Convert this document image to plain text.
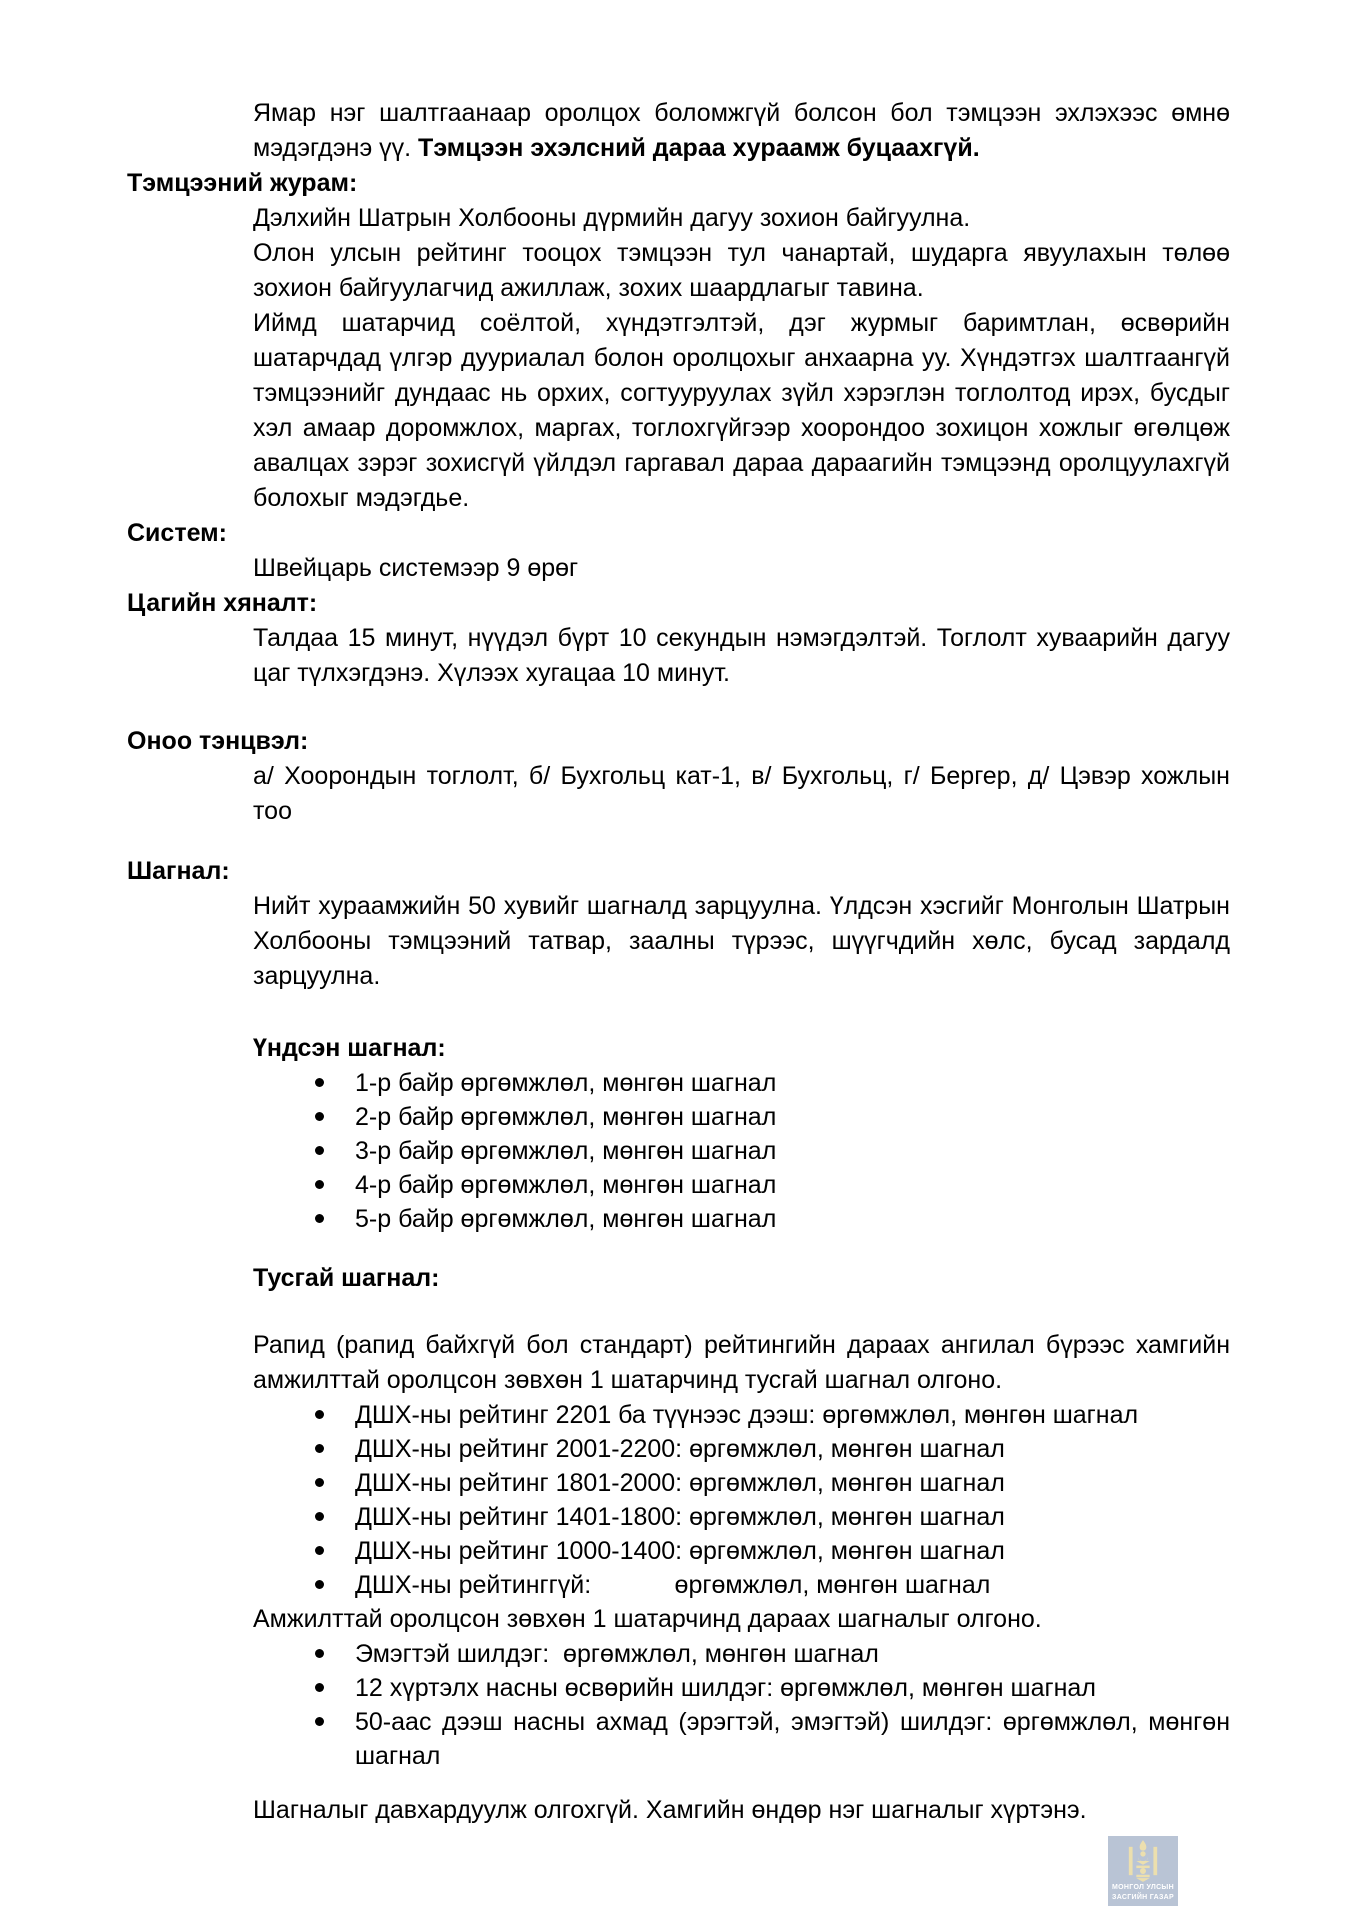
Ямар нэг шалтгаанаар оролцох боломжгүй болсон бол тэмцээн эхлэхээс өмнө мэдэгдэнэ үү. Тэмцээн эхэлсний дараа хураамж буцаахгүй.

Тэмцээний журам:

Дэлхийн Шатрын Холбооны дүрмийн дагуу зохион байгуулна.

Олон улсын рейтинг тооцох тэмцээн тул чанартай, шударга явуулахын төлөө зохион байгуулагчид ажиллаж, зохих шаардлагыг тавина.

Иймд шатарчид соёлтой, хүндэтгэлтэй, дэг журмыг баримтлан, өсвөрийн шатарчдад үлгэр дууриалал болон оролцохыг анхаарна уу. Хүндэтгэх шалтгаангүй тэмцээнийг дундаас нь орхих, согтууруулах зүйл хэрэглэн тоглолтод ирэх, бусдыг хэл амаар доромжлох, маргах, тоглохгүйгээр хоорондоо зохицон хожлыг өгөлцөж авалцах зэрэг зохисгүй үйлдэл гаргавал дараа дараагийн тэмцээнд оролцуулахгүй болохыг мэдэгдье.

Систем:

Швейцарь системээр 9 өрөг

Цагийн хяналт:

Талдаа 15 минут, нүүдэл бүрт 10 секундын нэмэгдэлтэй. Тоглолт хуваарийн дагуу цаг түлхэгдэнэ. Хүлээх хугацаа 10 минут.

Оноо тэнцвэл:

а/ Хоорондын тоглолт, б/ Бухгольц кат-1, в/ Бухгольц, г/ Бергер, д/ Цэвэр хожлын тоо

Шагнал:

Нийт хураамжийн 50 хувийг шагналд зарцуулна. Үлдсэн хэсгийг Монголын Шатрын Холбооны тэмцээний татвар, заалны түрээс, шүүгчдийн хөлс, бусад зардалд зарцуулна.

Үндсэн шагнал:
1-р байр өргөмжлөл, мөнгөн шагнал
2-р байр өргөмжлөл, мөнгөн шагнал
3-р байр өргөмжлөл, мөнгөн шагнал
4-р байр өргөмжлөл, мөнгөн шагнал
5-р байр өргөмжлөл, мөнгөн шагнал
Тусгай шагнал:

Рапид (рапид байхгүй бол стандарт) рейтингийн дараах ангилал бүрээс хамгийн амжилттай оролцсон зөвхөн 1 шатарчинд тусгай шагнал олгоно.

ДШХ-ны рейтинг 2201 ба түүнээс дээш: өргөмжлөл, мөнгөн шагнал
ДШХ-ны рейтинг 2001-2200: өргөмжлөл, мөнгөн шагнал
ДШХ-ны рейтинг 1801-2000: өргөмжлөл, мөнгөн шагнал
ДШХ-ны рейтинг 1401-1800: өргөмжлөл, мөнгөн шагнал
ДШХ-ны рейтинг 1000-1400: өргөмжлөл, мөнгөн шагнал
ДШХ-ны рейтинггүй:            өргөмжлөл, мөнгөн шагнал

Амжилттай оролцсон зөвхөн 1 шатарчинд дараах шагналыг олгоно.

Эмэгтэй шилдэг:  өргөмжлөл, мөнгөн шагнал
12 хүртэлх насны өсвөрийн шилдэг: өргөмжлөл, мөнгөн шагнал
50-аас дээш насны ахмад (эрэгтэй, эмэгтэй) шилдэг: өргөмжлөл, мөнгөн шагнал

Шагналыг давхардуулж олгохгүй. Хамгийн өндөр нэг шагналыг хүртэнэ.

МОНГОЛ УЛСЫН
ЗАСГИЙН ГАЗАР
